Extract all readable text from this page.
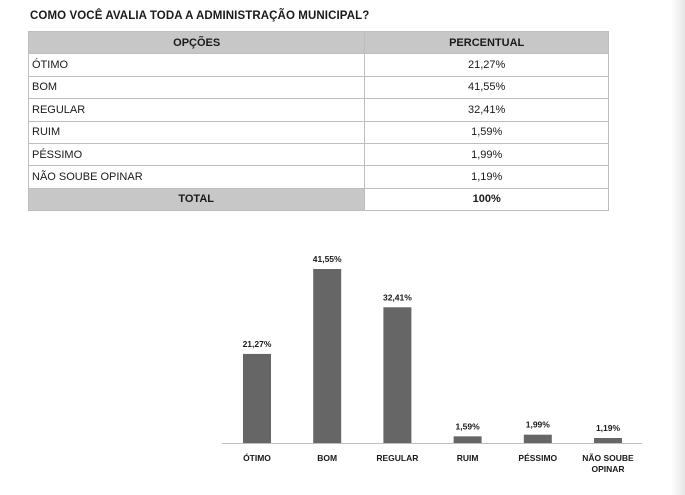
COMO VOCÊ AVALIA TODA A ADMINISTRAÇÃO MUNICIPAL?
OPÇÕES	PERCENTUAL
ÓTIMO	21,27%
BOM	41,55%
REGULAR	32,41%
RUIM	1,59%
PÉSSIMO	1,99%
NÃO SOUBE OPINAR	1,19%
TOTAL	100%
21,27%
ÓTIMO
41,55%
BOM
32,41%
REGULAR
1,59%
RUIM
1,99%
PÉSSIMO
1,19%
NÃO SOUBE OPINAR
